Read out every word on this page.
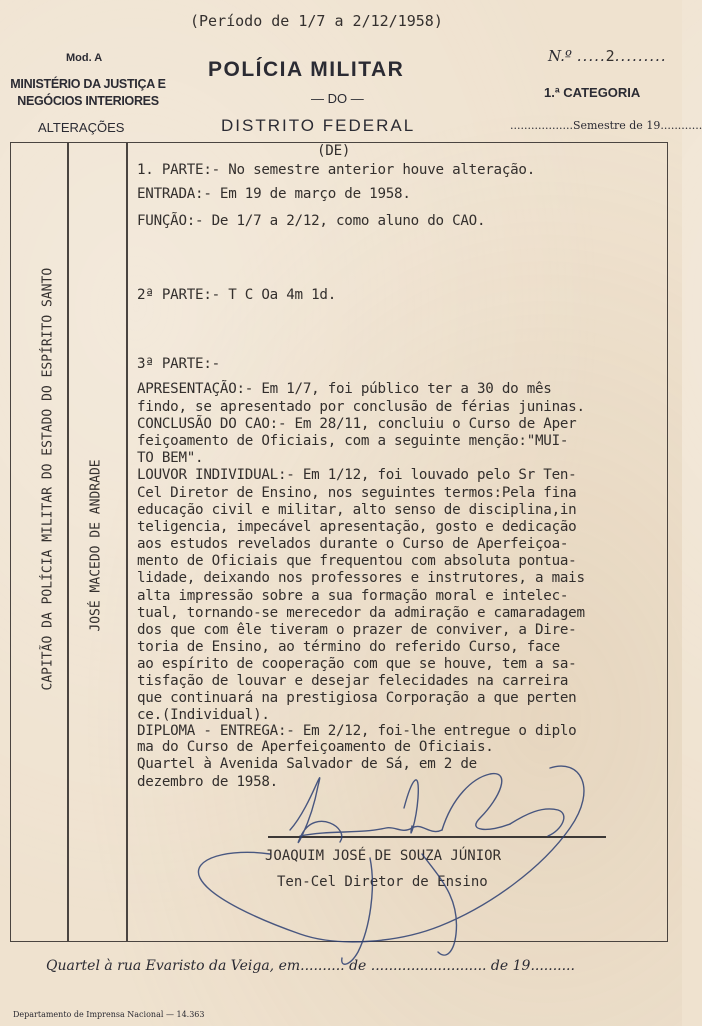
(Período de 1/7 a 2/12/1958)
Mod. A
MINISTÉRIO DA JUSTIÇA E NEGÓCIOS INTERIORES
ALTERAÇÕES
POLÍCIA MILITAR
— DO —
DISTRITO FEDERAL
N.º .....2.........
1.ª CATEGORIA
..................Semestre de 19............
CAPITÃO DA POLÍCIA MILITAR DO ESTADO DO ESPÍRITO SANTO	JOSÉ MACEDO DE ANDRADE
(DE)
1. PARTE:- No semestre anterior houve alteração.
ENTRADA:- Em 19 de março de 1958.
FUNÇÃO:- De 1/7 a 2/12, como aluno do CAO.
2ª PARTE:- T C Oa 4m 1d.
3ª PARTE:-
APRESENTAÇÃO:- Em 1/7, foi público ter a 30 do mês
findo, se apresentado por conclusão de férias juninas.
CONCLUSÃO DO CAO:- Em 28/11, concluiu o Curso de Aper
feiçoamento de Oficiais, com a seguinte menção:"MUI-
TO BEM".
LOUVOR INDIVIDUAL:- Em 1/12, foi louvado pelo Sr Ten-
Cel Diretor de Ensino, nos seguintes termos:Pela fina
educação civil e militar, alto senso de disciplina,in
teligencia, impecável apresentação, gosto e dedicação
aos estudos revelados durante o Curso de Aperfeiçoa-
mento de Oficiais que frequentou com absoluta pontua-
lidade, deixando nos professores e instrutores, a mais
alta impressão sobre a sua formação moral e intelec-
tual, tornando-se merecedor da admiração e camaradagem
dos que com êle tiveram o prazer de conviver, a Dire-
toria de Ensino, ao término do referido Curso, face
ao espírito de cooperação com que se houve, tem a sa-
tisfação de louvar e desejar felecidades na carreira
que continuará na prestigiosa Corporação a que perten
ce.(Individual).
DIPLOMA - ENTREGA:- Em 2/12, foi-lhe entregue o diplo
ma do Curso de Aperfeiçoamento de Oficiais.
Quartel à Avenida Salvador de Sá, em 2 de
dezembro de 1958.
JOAQUIM JOSÉ DE SOUZA JÚNIOR
Ten-Cel Diretor de Ensino
Quartel à rua Evaristo da Veiga, em.......... de .......................... de 19..........
Departamento de Imprensa Nacional — 14.363
